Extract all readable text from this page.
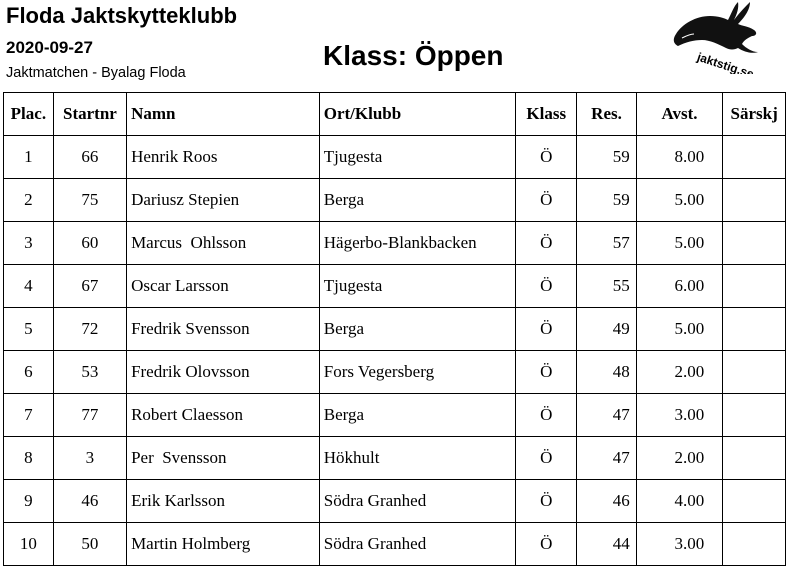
Floda Jaktskytteklubb
2020-09-27
Jaktmatchen - Byalag Floda
Klass: Öppen	jaktstig.se
Plac.	Startnr	Namn	Ort/Klubb	Klass	Res.	Avst.	Särskj
1	66	Henrik Roos	Tjugesta	Ö	59	8.00	
2	75	Dariusz Stepien	Berga	Ö	59	5.00	
3	60	Marcus  Ohlsson	Hägerbo-Blankbacken	Ö	57	5.00	
4	67	Oscar Larsson	Tjugesta	Ö	55	6.00	
5	72	Fredrik Svensson	Berga	Ö	49	5.00	
6	53	Fredrik Olovsson	Fors Vegersberg	Ö	48	2.00	
7	77	Robert Claesson	Berga	Ö	47	3.00	
8	3	Per  Svensson	Hökhult	Ö	47	2.00	
9	46	Erik Karlsson	Södra Granhed	Ö	46	4.00	
10	50	Martin Holmberg	Södra Granhed	Ö	44	3.00	
